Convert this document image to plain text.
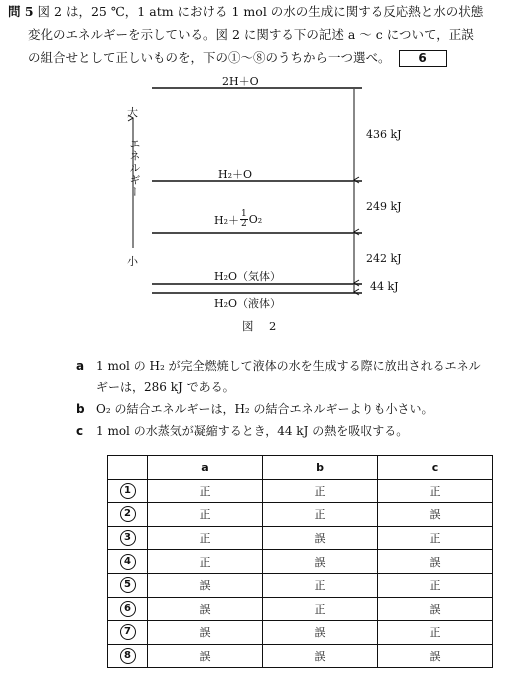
問 5 図 2 は，25 ℃，1 atm における 1 mol の水の生成に関する反応熱と水の状態
変化のエネルギーを示している。図 2 に関する下の記述 a ～ c について，正誤
の組合せとして正しいものを，下の①～⑧のうちから一つ選べ。 6
大
エネルギー
小
2H＋O
H₂＋O
$H_2+ \frac{1}{2} O_2$
H₂O（気体）
H₂O（液体）
436 kJ
249 kJ
242 kJ
44 kJ
図　2
a 1 mol の H₂ が完全燃焼して液体の水を生成する際に放出されるエネル
ギーは，286 kJ である。
b O₂ の結合エネルギーは，H₂ の結合エネルギーよりも小さい。
c 1 mol の水蒸気が凝縮するとき，44 kJ の熱を吸収する。
	a	b	c
1	正	正	正
2	正	正	誤
3	正	誤	正
4	正	誤	誤
5	誤	正	正
6	誤	正	誤
7	誤	誤	正
8	誤	誤	誤
